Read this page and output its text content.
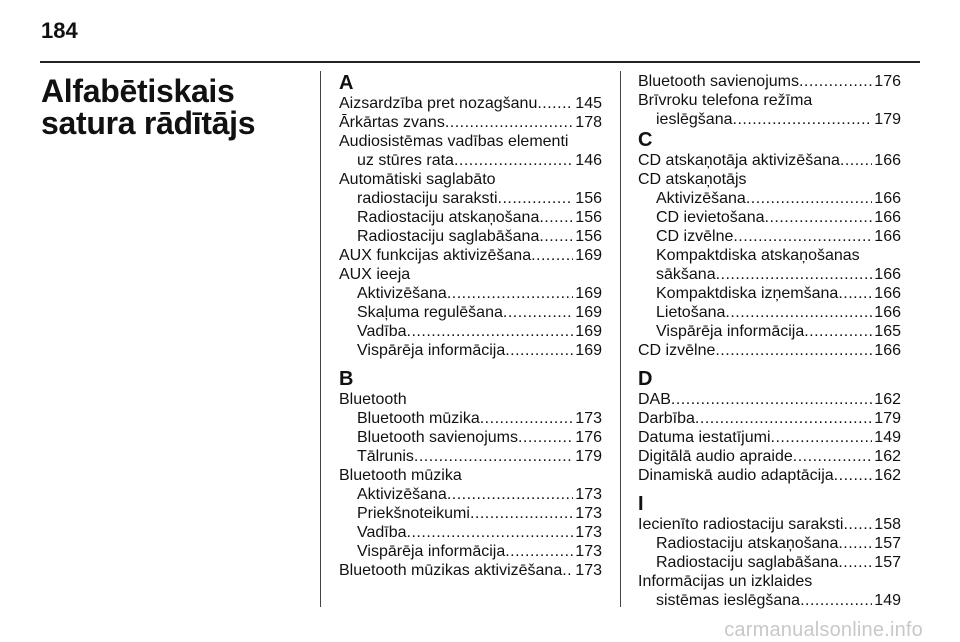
184
Alfabētiskais satura rādītājs
A
Aizsardzība pret nozagšanu ..... 145
Ārkārtas zvans .....	178
Audiosistēmas vadības elementi
uz stūres rata .....	146
Automātiski saglabāto
radiostaciju saraksti .....	156
Radiostaciju atskaņošana ..... 156
Radiostaciju saglabāšana ..... 156
AUX funkcijas aktivizēšana .....	169
AUX ieeja
Aktivizēšana .....	169
Skaļuma regulēšana .....	169
Vadība .....	169
Vispārēja informācija .....	169
B
Bluetooth
Bluetooth mūzika .....	173
Bluetooth savienojums .....	176
Tālrunis .....	179
Bluetooth mūzika
Aktivizēšana .....	173
Priekšnoteikumi .....	173
Vadība .....	173
Vispārēja informācija .....	173
Bluetooth mūzikas aktivizēšana ..... 173
Bluetooth savienojums .....	176
Brīvroku telefona režīma
ieslēgšana .....	179
C
CD atskaņotāja aktivizēšana ..... 166
CD atskaņotājs
Aktivizēšana .....	166
CD ievietošana .....	166
CD izvēlne .....	166
Kompaktdiska atskaņošanas
sākšana .....	166
Kompaktdiska izņemšana ..... 166
Lietošana .....	166
Vispārēja informācija .....	165
CD izvēlne .....	166
D
DAB .....	162
Darbība .....	179
Datuma iestatījumi .....	149
Digitālā audio apraide .....	162
Dinamiskā audio adaptācija .....	162
I
Iecienīto radiostaciju saraksti ..... 158
Radiostaciju atskaņošana ..... 157
Radiostaciju saglabāšana ..... 157
Informācijas un izklaides
sistēmas ieslēgšana .....	149
carmanualsonline.info
